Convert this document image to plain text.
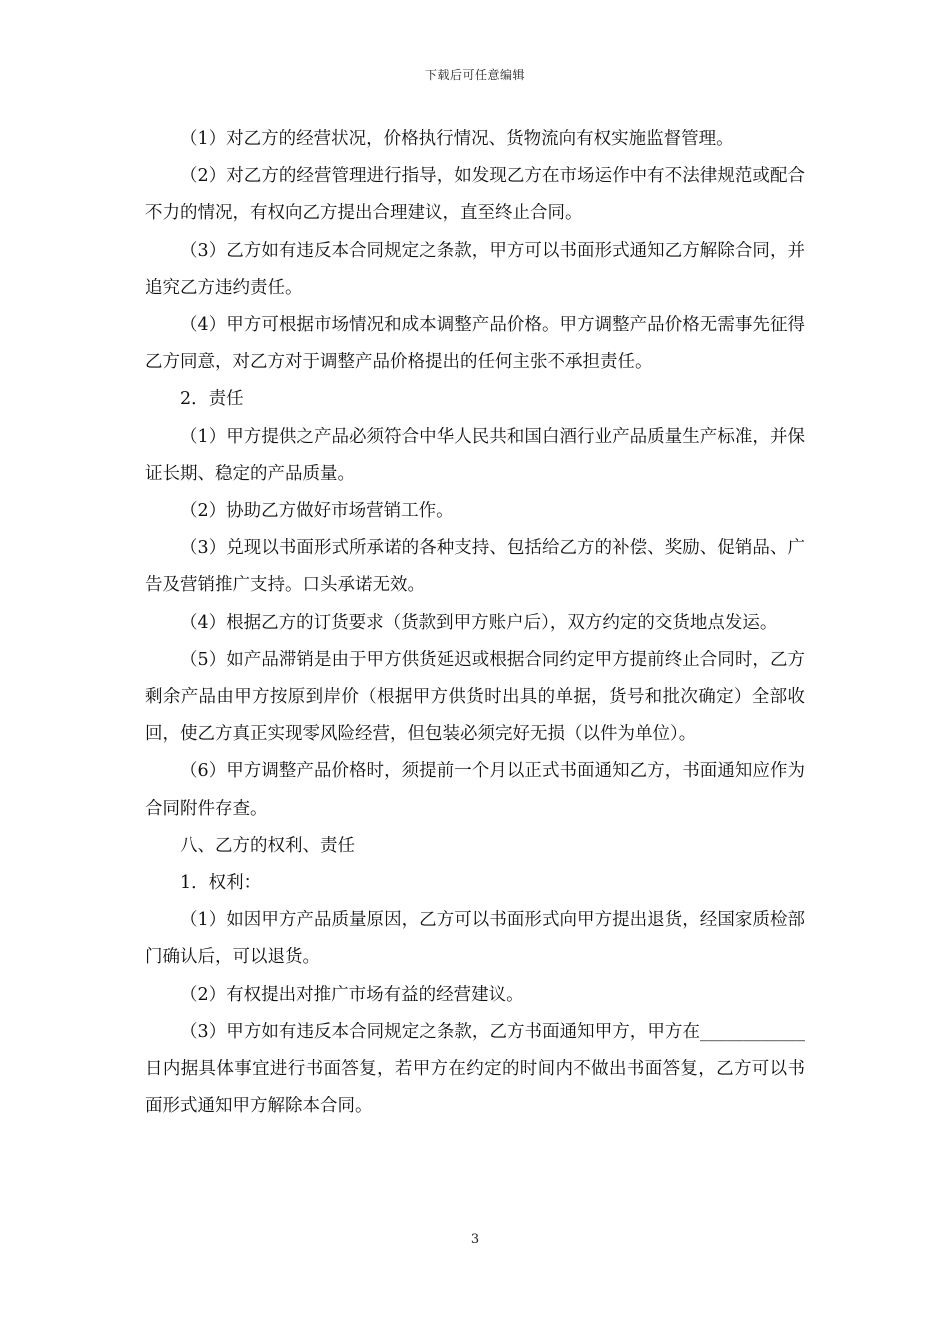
下载后可任意编辑

（1）对乙方的经营状况，价格执行情况、货物流向有权实施监督管理。

（2）对乙方的经营管理进行指导，如发现乙方在市场运作中有不法律规范或配合不力的情况，有权向乙方提出合理建议，直至终止合同。

（3）乙方如有违反本合同规定之条款，甲方可以书面形式通知乙方解除合同，并追究乙方违约责任。

（4）甲方可根据市场情况和成本调整产品价格。甲方调整产品价格无需事先征得乙方同意，对乙方对于调整产品价格提出的任何主张不承担责任。

2．责任

（1）甲方提供之产品必须符合中华人民共和国白酒行业产品质量生产标准，并保证长期、稳定的产品质量。

（2）协助乙方做好市场营销工作。

（3）兑现以书面形式所承诺的各种支持、包括给乙方的补偿、奖励、促销品、广告及营销推广支持。口头承诺无效。

（4）根据乙方的订货要求（货款到甲方账户后），双方约定的交货地点发运。

（5）如产品滞销是由于甲方供货延迟或根据合同约定甲方提前终止合同时，乙方剩余产品由甲方按原到岸价（根据甲方供货时出具的单据，货号和批次确定）全部收回，使乙方真正实现零风险经营，但包装必须完好无损（以件为单位）。

（6）甲方调整产品价格时，须提前一个月以正式书面通知乙方，书面通知应作为合同附件存查。

八、乙方的权利、责任

1．权利：

（1）如因甲方产品质量原因，乙方可以书面形式向甲方提出退货，经国家质检部门确认后，可以退货。

（2）有权提出对推广市场有益的经营建议。

（3）甲方如有违反本合同规定之条款，乙方书面通知甲方，甲方在____________日内据具体事宜进行书面答复，若甲方在约定的时间内不做出书面答复，乙方可以书面形式通知甲方解除本合同。

3
